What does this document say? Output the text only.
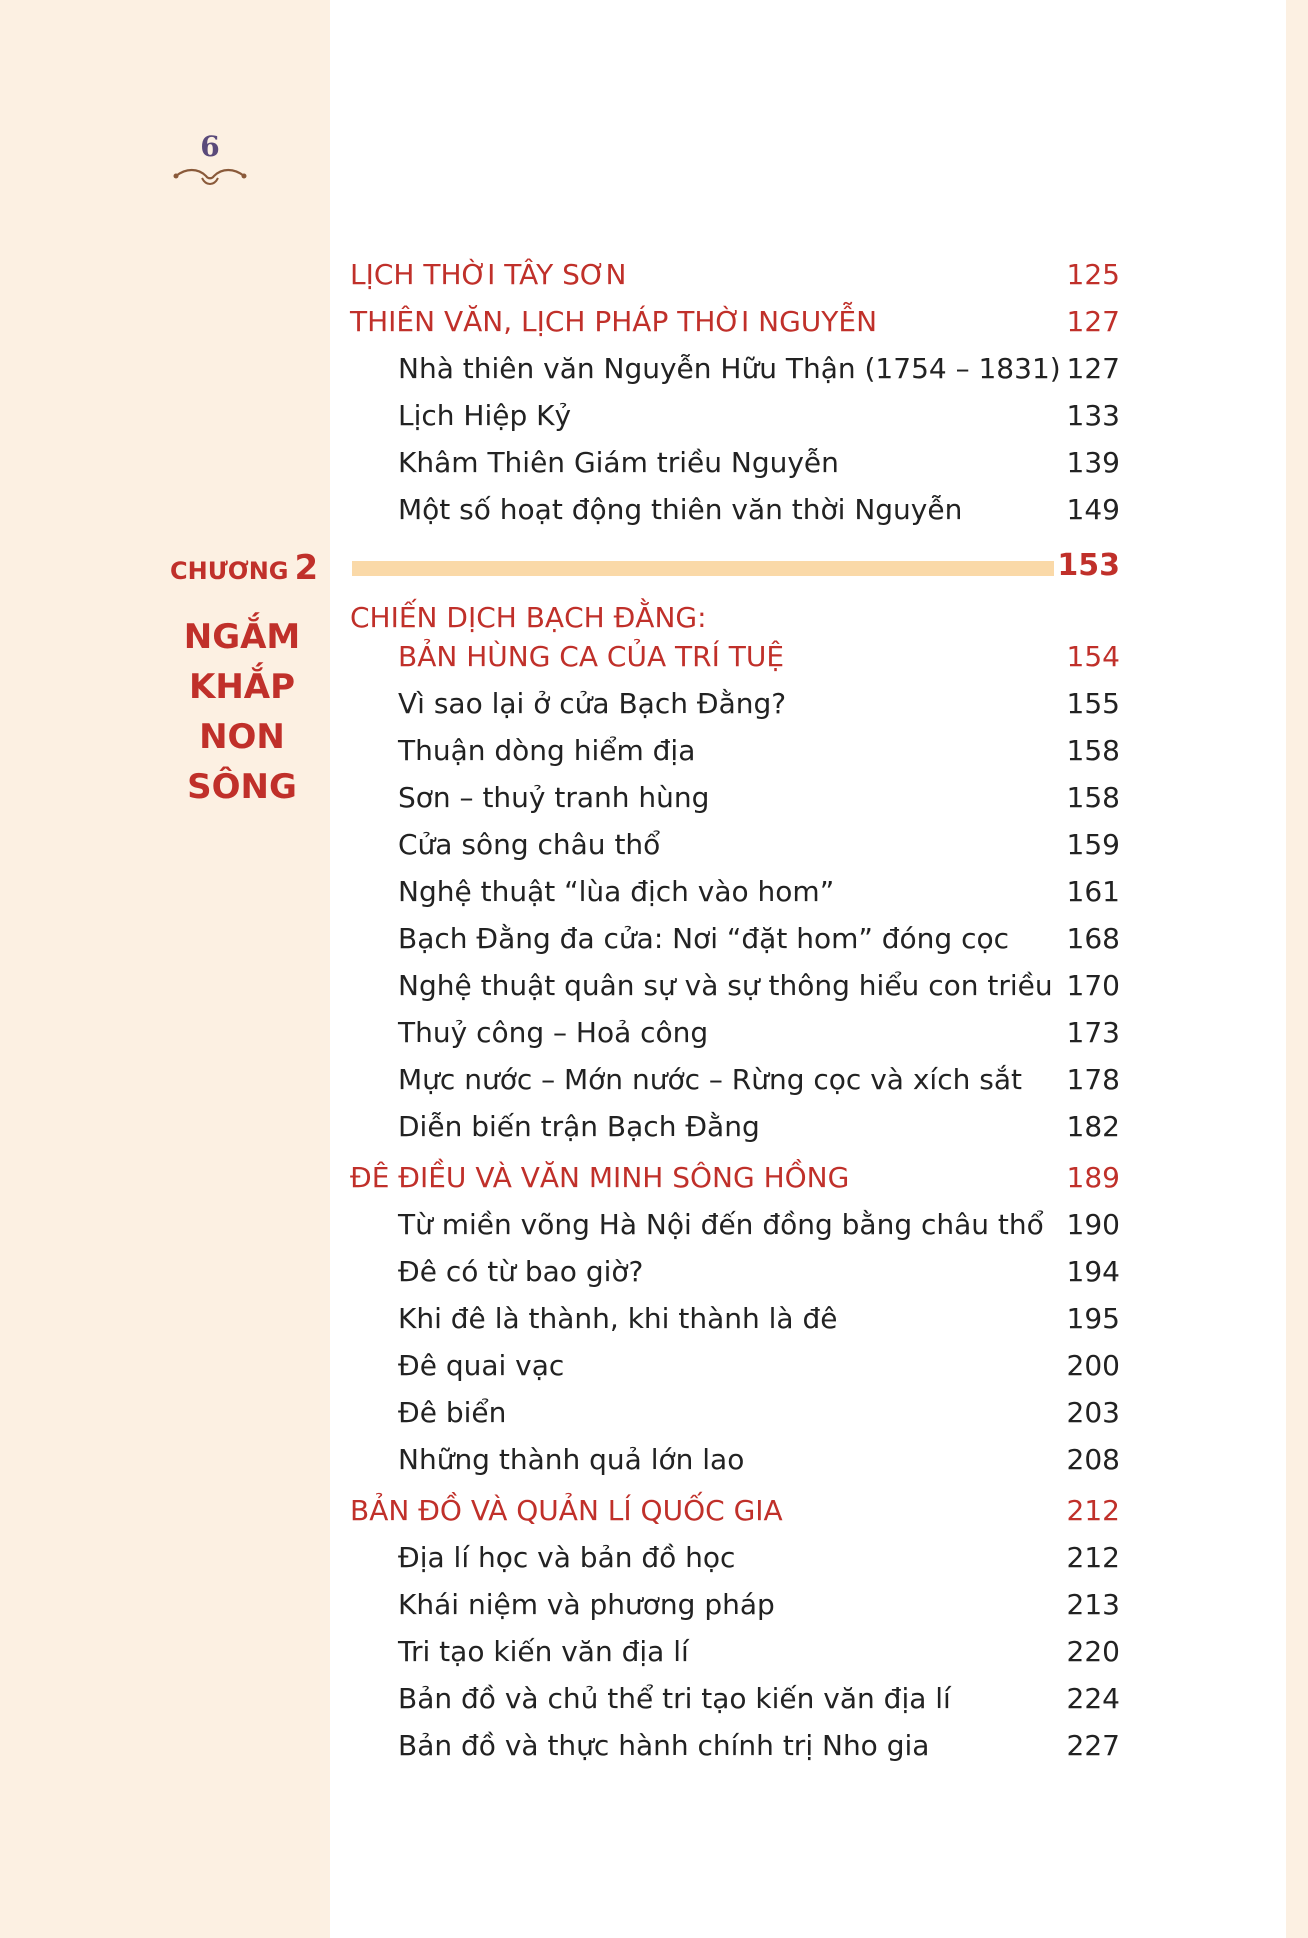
6
CHƯƠNG 2	153
NGẮM
KHẮP
NON
SÔNG
LỊCH THỜI TÂY SƠN	125
THIÊN VĂN, LỊCH PHÁP THỜI NGUYỄN	127
Nhà thiên văn Nguyễn Hữu Thận (1754 – 1831) 127
Lịch Hiệp Kỷ	133
Khâm Thiên Giám triều Nguyễn	139
Một số hoạt động thiên văn thời Nguyễn	149
CHIẾN DỊCH BẠCH ĐẰNG:
BẢN HÙNG CA CỦA TRÍ TUỆ	154
Vì sao lại ở cửa Bạch Đằng?	155
Thuận dòng hiểm địa	158
Sơn – thuỷ tranh hùng	158
Cửa sông châu thổ	159
Nghệ thuật “lùa địch vào hom”	161
Bạch Đằng đa cửa: Nơi “đặt hom” đóng cọc 168
Nghệ thuật quân sự và sự thông hiểu con triều 170
Thuỷ công – Hoả công	173
Mực nước – Mớn nước – Rừng cọc và xích sắt 178
Diễn biến trận Bạch Đằng	182
ĐÊ ĐIỀU VÀ VĂN MINH SÔNG HỒNG	189
Từ miền võng Hà Nội đến đồng bằng châu thổ 190
Đê có từ bao giờ?	194
Khi đê là thành, khi thành là đê	195
Đê quai vạc	200
Đê biển	203
Những thành quả lớn lao	208
BẢN ĐỒ VÀ QUẢN LÍ QUỐC GIA	212
Địa lí học và bản đồ học	212
Khái niệm và phương pháp	213
Tri tạo kiến văn địa lí	220
Bản đồ và chủ thể tri tạo kiến văn địa lí	224
Bản đồ và thực hành chính trị Nho gia	227
